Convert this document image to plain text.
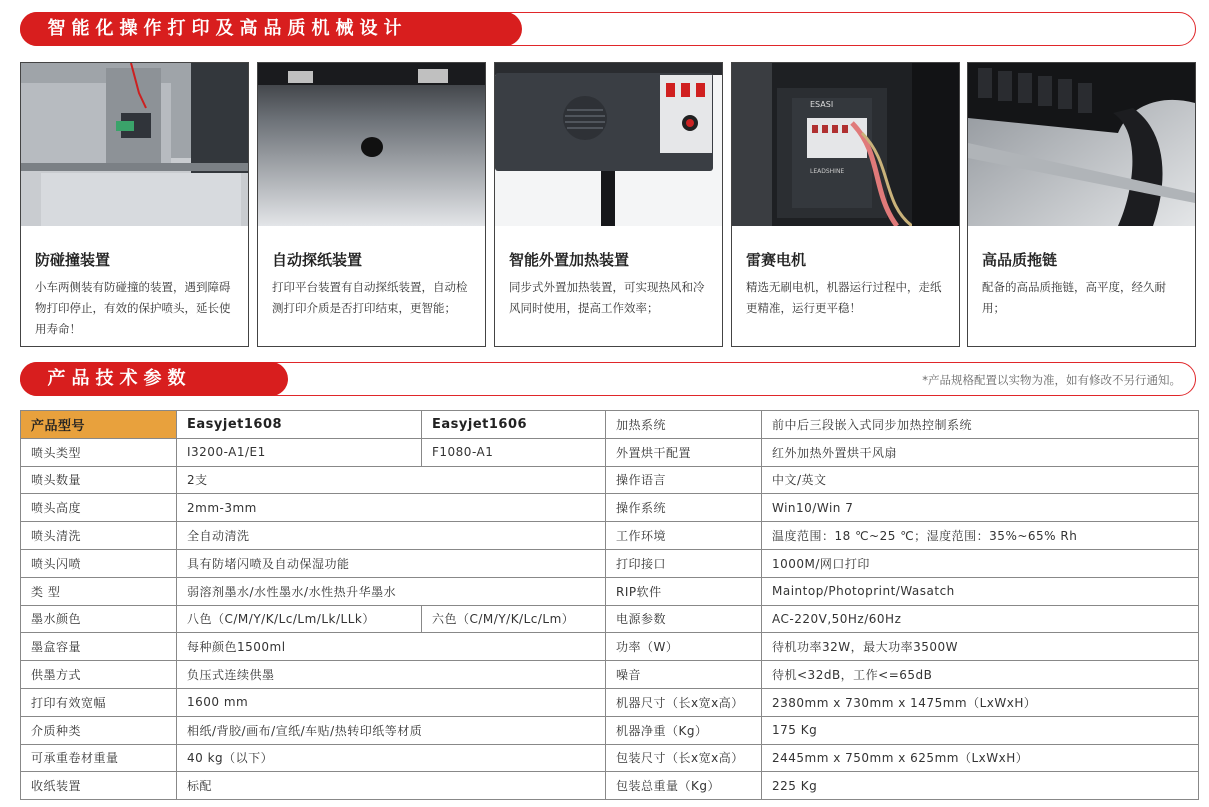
智能化操作打印及高品质机械设计
防碰撞装置
小车两侧装有防碰撞的装置，遇到障碍物打印停止，有效的保护喷头，延长使用寿命！
自动探纸装置
打印平台装置有自动探纸装置，自动检测打印介质是否打印结束，更智能；
智能外置加热装置
同步式外置加热装置，可实现热风和冷风同时使用，提高工作效率；
ESASI
LEADSHINE
雷赛电机
精选无刷电机，机器运行过程中，走纸更精准，运行更平稳！
高品质拖链
配备的高品质拖链，高平度，经久耐用；
产品技术参数	*产品规格配置以实物为准，如有修改不另行通知。
产品型号	Easyjet1608	Easyjet1606	加热系统	前中后三段嵌入式同步加热控制系统
喷头类型	I3200-A1/E1	F1080-A1	外置烘干配置	红外加热外置烘干风扇
喷头数量	2支		操作语言	中文/英文
喷头高度	2mm-3mm		操作系统	Win10/Win 7
喷头清洗	全自动清洗		工作环境	温度范围：18 ℃~25 ℃；湿度范围：35%~65% Rh
喷头闪喷	具有防堵闪喷及自动保湿功能		打印接口	1000M/网口打印
类 型	弱溶剂墨水/水性墨水/水性热升华墨水		RIP软件	Maintop/Photoprint/Wasatch
墨水颜色	八色（C/M/Y/K/Lc/Lm/Lk/LLk）	六色（C/M/Y/K/Lc/Lm）	电源参数	AC-220V,50Hz/60Hz
墨盒容量	每种颜色1500ml		功率（W）	待机功率32W，最大功率3500W
供墨方式	负压式连续供墨		噪音	待机<32dB，工作<=65dB
打印有效宽幅	1600 mm		机器尺寸（长x宽x高）	2380mm x 730mm x 1475mm（LxWxH）
介质种类	相纸/背胶/画布/宣纸/车贴/热转印纸等材质		机器净重（Kg）	175 Kg
可承重卷材重量	40 kg（以下）		包装尺寸（长x宽x高）	2445mm x 750mm x 625mm（LxWxH）
收纸装置	标配		包装总重量（Kg）	225 Kg
